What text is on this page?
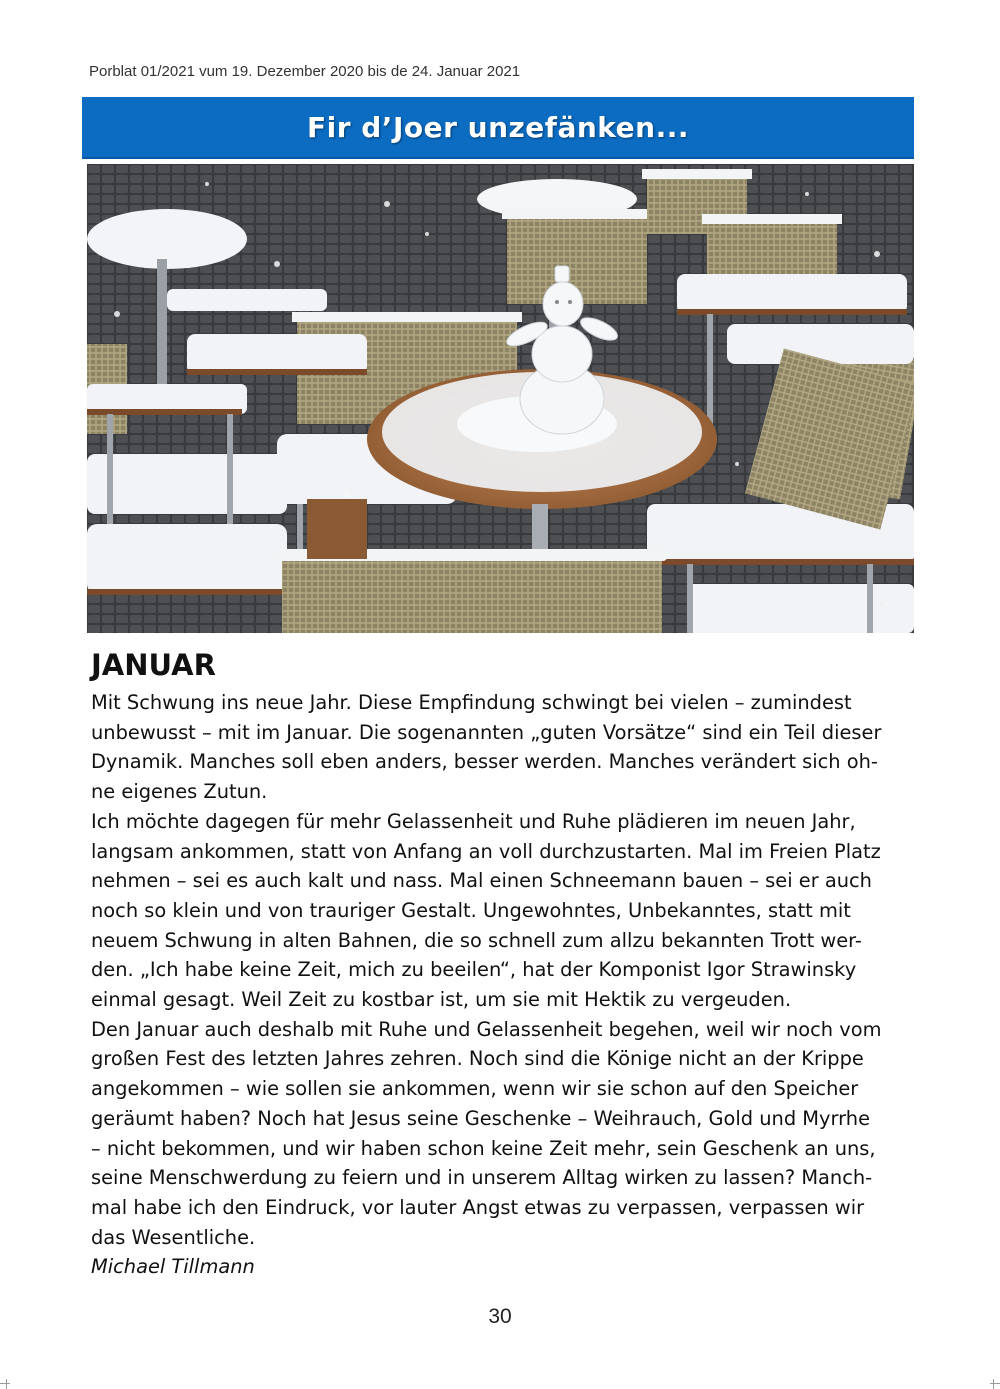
Porblat 01/2021 vum 19. Dezember 2020 bis de 24. Januar 2021
Fir d’Joer unzefänken...
JANUAR
Mit Schwung ins neue Jahr. Diese Empfindung schwingt bei vielen – zumindest
unbewusst – mit im Januar. Die sogenannten „guten Vorsätze“ sind ein Teil dieser
Dynamik. Manches soll eben anders, besser werden. Manches verändert sich oh-
ne eigenes Zutun.
Ich möchte dagegen für mehr Gelassenheit und Ruhe plädieren im neuen Jahr,
langsam ankommen, statt von Anfang an voll durchzustarten. Mal im Freien Platz
nehmen – sei es auch kalt und nass. Mal einen Schneemann bauen – sei er auch
noch so klein und von trauriger Gestalt. Ungewohntes, Unbekanntes, statt mit
neuem Schwung in alten Bahnen, die so schnell zum allzu bekannten Trott wer-
den. „Ich habe keine Zeit, mich zu beeilen“, hat der Komponist Igor Strawinsky
einmal gesagt. Weil Zeit zu kostbar ist, um sie mit Hektik zu vergeuden.
Den Januar auch deshalb mit Ruhe und Gelassenheit begehen, weil wir noch vom
großen Fest des letzten Jahres zehren. Noch sind die Könige nicht an der Krippe
angekommen – wie sollen sie ankommen, wenn wir sie schon auf den Speicher
geräumt haben? Noch hat Jesus seine Geschenke – Weihrauch, Gold und Myrrhe
– nicht bekommen, und wir haben schon keine Zeit mehr, sein Geschenk an uns,
seine Menschwerdung zu feiern und in unserem Alltag wirken zu lassen? Manch-
mal habe ich den Eindruck, vor lauter Angst etwas zu verpassen, verpassen wir
das Wesentliche.
Michael Tillmann
30
